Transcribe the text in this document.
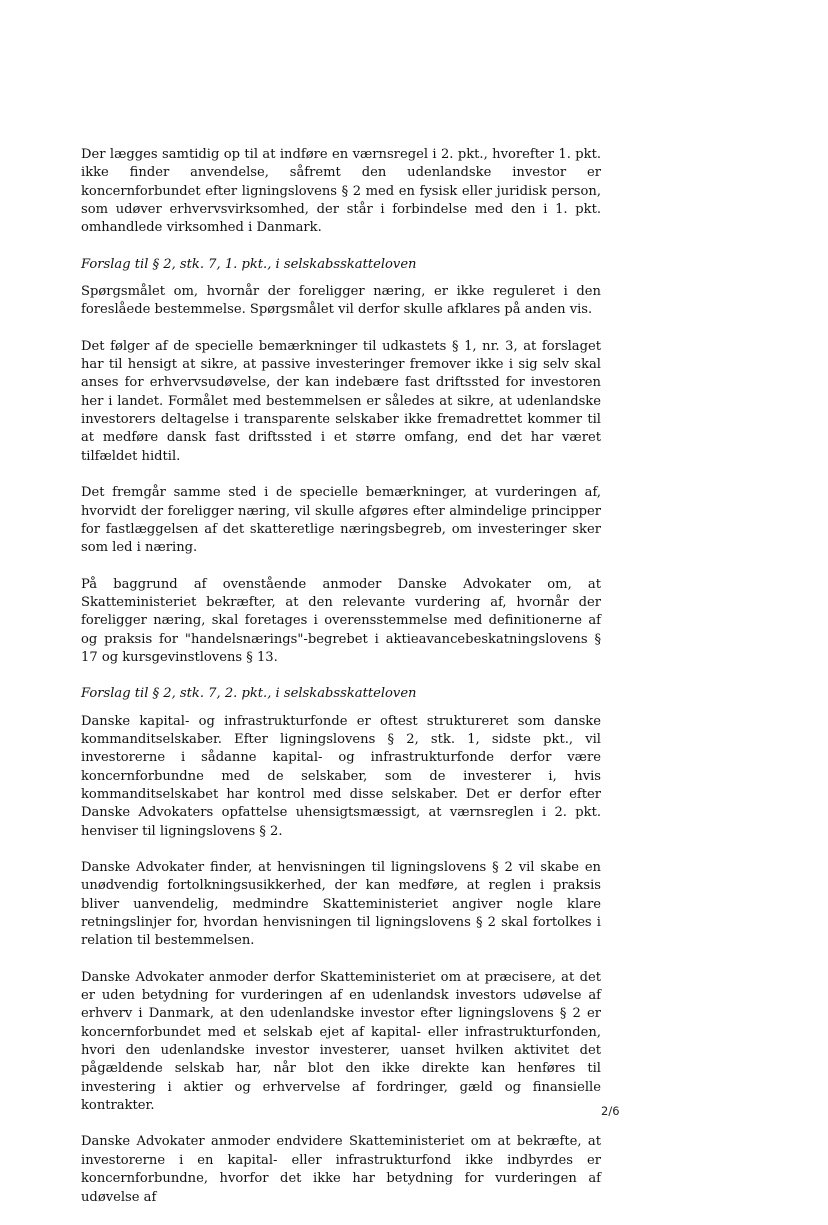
Der lægges samtidig op til at indføre en værnsregel i 2. pkt., hvorefter 1. pkt. ikke finder anvendelse, såfremt den udenlandske investor er koncernforbundet efter ligningslovens § 2 med en fysisk eller juridisk person, som udøver erhvervsvirksomhed, der står i forbindelse med den i 1. pkt. omhandlede virksomhed i Danmark.

Forslag til § 2, stk. 7, 1. pkt., i selskabsskatteloven

Spørgsmålet om, hvornår der foreligger næring, er ikke reguleret i den foreslåede bestemmelse. Spørgsmålet vil derfor skulle afklares på anden vis.

Det følger af de specielle bemærkninger til udkastets § 1, nr. 3, at forslaget har til hensigt at sikre, at passive investeringer fremover ikke i sig selv skal anses for erhvervsudøvelse, der kan indebære fast driftssted for investoren her i landet. Formålet med bestemmelsen er således at sikre, at udenlandske investorers deltagelse i transparente selskaber ikke fremadrettet kommer til at medføre dansk fast driftssted i et større omfang, end det har været tilfældet hidtil.

Det fremgår samme sted i de specielle bemærkninger, at vurderingen af, hvorvidt der foreligger næring, vil skulle afgøres efter almindelige principper for fastlæggelsen af det skatteretlige næringsbegreb, om investeringer sker som led i næring.

På baggrund af ovenstående anmoder Danske Advokater om, at Skatteministeriet bekræfter, at den relevante vurdering af, hvornår der foreligger næring, skal foretages i overensstemmelse med definitionerne af og praksis for "handelsnærings"-begrebet i aktieavancebeskatningslovens § 17 og kursgevinstlovens § 13.

Forslag til § 2, stk. 7, 2. pkt., i selskabsskatteloven

Danske kapital- og infrastrukturfonde er oftest struktureret som danske kommanditselskaber. Efter ligningslovens § 2, stk. 1, sidste pkt., vil investorerne i sådanne kapital- og infrastrukturfonde derfor være koncernforbundne med de selskaber, som de investerer i, hvis kommanditselskabet har kontrol med disse selskaber. Det er derfor efter Danske Advokaters opfattelse uhensigtsmæssigt, at værnsreglen i 2. pkt. henviser til ligningslovens § 2.

Danske Advokater finder, at henvisningen til ligningslovens § 2 vil skabe en unødvendig fortolkningsusikkerhed, der kan medføre, at reglen i praksis bliver uanvendelig, medmindre Skatteministeriet angiver nogle klare retningslinjer for, hvordan henvisningen til ligningslovens § 2 skal fortolkes i relation til bestemmelsen.

Danske Advokater anmoder derfor Skatteministeriet om at præcisere, at det er uden betydning for vurderingen af en udenlandsk investors udøvelse af erhverv i Danmark, at den udenlandske investor efter ligningslovens § 2 er koncernforbundet med et selskab ejet af kapital- eller infrastrukturfonden, hvori den udenlandske investor investerer, uanset hvilken aktivitet det pågældende selskab har, når blot den ikke direkte kan henføres til investering i aktier og erhvervelse af fordringer, gæld og finansielle kontrakter.

Danske Advokater anmoder endvidere Skatteministeriet om at bekræfte, at investorerne i en kapital- eller infrastrukturfond ikke indbyrdes er koncernforbundne, hvorfor det ikke har betydning for vurderingen af udøvelse af

2/6
